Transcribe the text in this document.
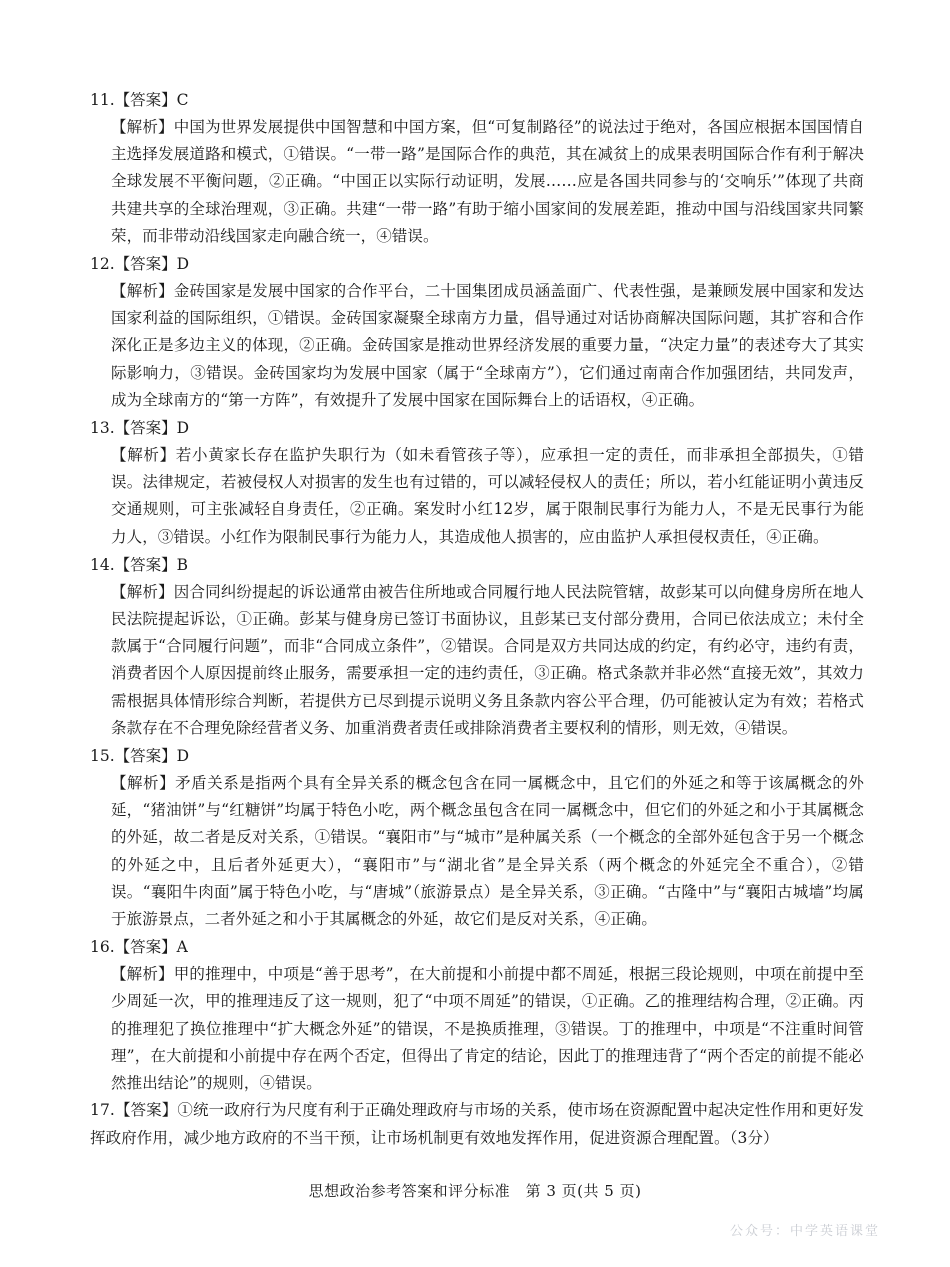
11.【答案】C

【解析】中国为世界发展提供中国智慧和中国方案，但“可复制路径”的说法过于绝对，各国应根据本国国情自主选择发展道路和模式，①错误。“一带一路”是国际合作的典范，其在减贫上的成果表明国际合作有利于解决全球发展不平衡问题，②正确。“中国正以实际行动证明，发展……应是各国共同参与的‘交响乐’”体现了共商共建共享的全球治理观，③正确。共建“一带一路”有助于缩小国家间的发展差距，推动中国与沿线国家共同繁荣，而非带动沿线国家走向融合统一，④错误。

12.【答案】D

【解析】金砖国家是发展中国家的合作平台，二十国集团成员涵盖面广、代表性强，是兼顾发展中国家和发达国家利益的国际组织，①错误。金砖国家凝聚全球南方力量，倡导通过对话协商解决国际问题，其扩容和合作深化正是多边主义的体现，②正确。金砖国家是推动世界经济发展的重要力量，“决定力量”的表述夸大了其实际影响力，③错误。金砖国家均为发展中国家（属于“全球南方”），它们通过南南合作加强团结，共同发声，成为全球南方的“第一方阵”，有效提升了发展中国家在国际舞台上的话语权，④正确。

13.【答案】D

【解析】若小黄家长存在监护失职行为（如未看管孩子等），应承担一定的责任，而非承担全部损失，①错误。法律规定，若被侵权人对损害的发生也有过错的，可以减轻侵权人的责任；所以，若小红能证明小黄违反交通规则，可主张减轻自身责任，②正确。案发时小红12岁，属于限制民事行为能力人，不是无民事行为能力人，③错误。小红作为限制民事行为能力人，其造成他人损害的，应由监护人承担侵权责任，④正确。

14.【答案】B

【解析】因合同纠纷提起的诉讼通常由被告住所地或合同履行地人民法院管辖，故彭某可以向健身房所在地人民法院提起诉讼，①正确。彭某与健身房已签订书面协议，且彭某已支付部分费用，合同已依法成立；未付全款属于“合同履行问题”，而非“合同成立条件”，②错误。合同是双方共同达成的约定，有约必守，违约有责，消费者因个人原因提前终止服务，需要承担一定的违约责任，③正确。格式条款并非必然“直接无效”，其效力需根据具体情形综合判断，若提供方已尽到提示说明义务且条款内容公平合理，仍可能被认定为有效；若格式条款存在不合理免除经营者义务、加重消费者责任或排除消费者主要权利的情形，则无效，④错误。

15.【答案】D

【解析】矛盾关系是指两个具有全异关系的概念包含在同一属概念中，且它们的外延之和等于该属概念的外延，“猪油饼”与“红糖饼”均属于特色小吃，两个概念虽包含在同一属概念中，但它们的外延之和小于其属概念的外延，故二者是反对关系，①错误。“襄阳市”与“城市”是种属关系（一个概念的全部外延包含于另一个概念的外延之中，且后者外延更大），“襄阳市”与“湖北省”是全异关系（两个概念的外延完全不重合），②错误。“襄阳牛肉面”属于特色小吃，与“唐城”（旅游景点）是全异关系，③正确。“古隆中”与“襄阳古城墙”均属于旅游景点，二者外延之和小于其属概念的外延，故它们是反对关系，④正确。

16.【答案】A

【解析】甲的推理中，中项是“善于思考”，在大前提和小前提中都不周延，根据三段论规则，中项在前提中至少周延一次，甲的推理违反了这一规则，犯了“中项不周延”的错误，①正确。乙的推理结构合理，②正确。丙的推理犯了换位推理中“扩大概念外延”的错误，不是换质推理，③错误。丁的推理中，中项是“不注重时间管理”，在大前提和小前提中存在两个否定，但得出了肯定的结论，因此丁的推理违背了“两个否定的前提不能必然推出结论”的规则，④错误。

17.【答案】①统一政府行为尺度有利于正确处理政府与市场的关系，使市场在资源配置中起决定性作用和更好发挥政府作用，减少地方政府的不当干预，让市场机制更有效地发挥作用，促进资源合理配置。（3分）

思想政治参考答案和评分标准　第 3 页(共 5 页)
公众号：中学英语课堂
